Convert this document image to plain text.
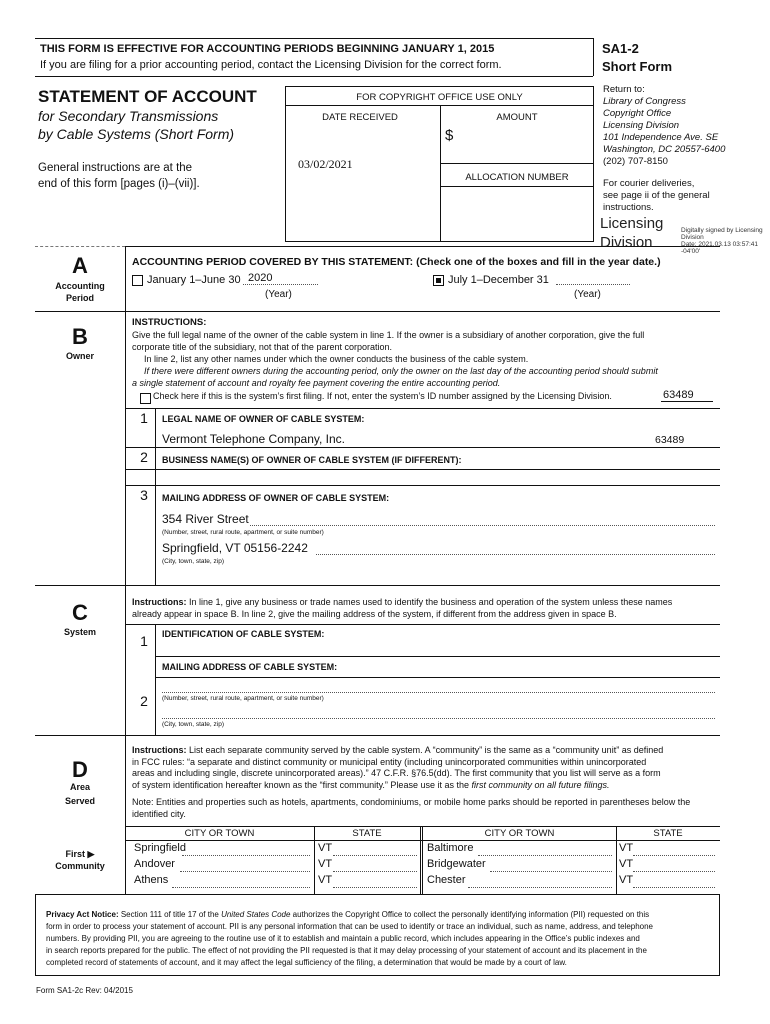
THIS FORM IS EFFECTIVE FOR ACCOUNTING PERIODS BEGINNING JANUARY 1, 2015
If you are filing for a prior accounting period, contact the Licensing Division for the correct form.
SA1-2
Short Form
STATEMENT OF ACCOUNT
for Secondary Transmissions
by Cable Systems (Short Form)
General instructions are at the
end of this form [pages (i)–(vii)].
FOR COPYRIGHT OFFICE USE ONLY
DATE RECEIVED	AMOUNT
03/02/2021
$
ALLOCATION NUMBER
Return to:
Library of Congress
Copyright Office
Licensing Division
101 Independence Ave. SE
Washington, DC 20557-6400
(202) 707-8150
For courier deliveries,
see page ii of the general
instructions.
Licensing
Division
Digitally signed by Licensing
Division
Date: 2021.03.13 03:57:41 -04'00'
A
Accounting
Period
ACCOUNTING PERIOD COVERED BY THIS STATEMENT: (Check one of the boxes and fill in the year date.)
January 1–June 30 2020
(Year)
July 1–December 31
(Year)
B
Owner
INSTRUCTIONS:
Give the full legal name of the owner of the cable system in line 1. If the owner is a subsidiary of another corporation, give the full
corporate title of the subsidiary, not that of the parent corporation.
In line 2, list any other names under which the owner conducts the business of the cable system.
If there were different owners during the accounting period, only the owner on the last day of the accounting period should submit
a single statement of account and royalty fee payment covering the entire accounting period.
Check here if this is the system’s first filing. If not, enter the system’s ID number assigned by the Licensing Division.	63489
1	LEGAL NAME OF OWNER OF CABLE SYSTEM:
Vermont Telephone Company, Inc.	63489
2	BUSINESS NAME(S) OF OWNER OF CABLE SYSTEM (IF DIFFERENT):
3	MAILING ADDRESS OF OWNER OF CABLE SYSTEM:
354 River Street
(Number, street, rural route, apartment, or suite number)
Springfield, VT 05156-2242
(City, town, state, zip)
C
System
Instructions: In line 1, give any business or trade names used to identify the business and operation of the system unless these names
already appear in space B. In line 2, give the mailing address of the system, if different from the address given in space B.
1	IDENTIFICATION OF CABLE SYSTEM:
MAILING ADDRESS OF CABLE SYSTEM:
2	(Number, street, rural route, apartment, or suite number)
(City, town, state, zip)
D
Area
Served
First ▶
Community
Instructions: List each separate community served by the cable system. A “community” is the same as a “community unit” as defined
in FCC rules: “a separate and distinct community or municipal entity (including unincorporated communities within unincorporated
areas and including single, discrete unincorporated areas).” 47 C.F.R. §76.5(dd). The first community that you list will serve as a form
of system identification hereafter known as the “first community.” Please use it as the first community on all future filings.
Note: Entities and properties such as hotels, apartments, condominiums, or mobile home parks should be reported in parentheses below the
identified city.
CITY OR TOWN	STATE	CITY OR TOWN	STATE
Springfield	VT	Baltimore	VT
Andover	VT	Bridgewater	VT
Athens	VT	Chester	VT
Privacy Act Notice: Section 111 of title 17 of the United States Code authorizes the Copyright Office to collect the personally identifying information (PII) requested on this
form in order to process your statement of account. PII is any personal information that can be used to identify or trace an individual, such as name, address, and telephone
numbers. By providing PII, you are agreeing to the routine use of it to establish and maintain a public record, which includes appearing in the Office’s public indexes and
in search reports prepared for the public. The effect of not providing the PII requested is that it may delay processing of your statement of account and its placement in the
completed record of statements of account, and it may affect the legal sufficiency of the filing, a determination that would be made by a court of law.
Form SA1-2c Rev: 04/2015
